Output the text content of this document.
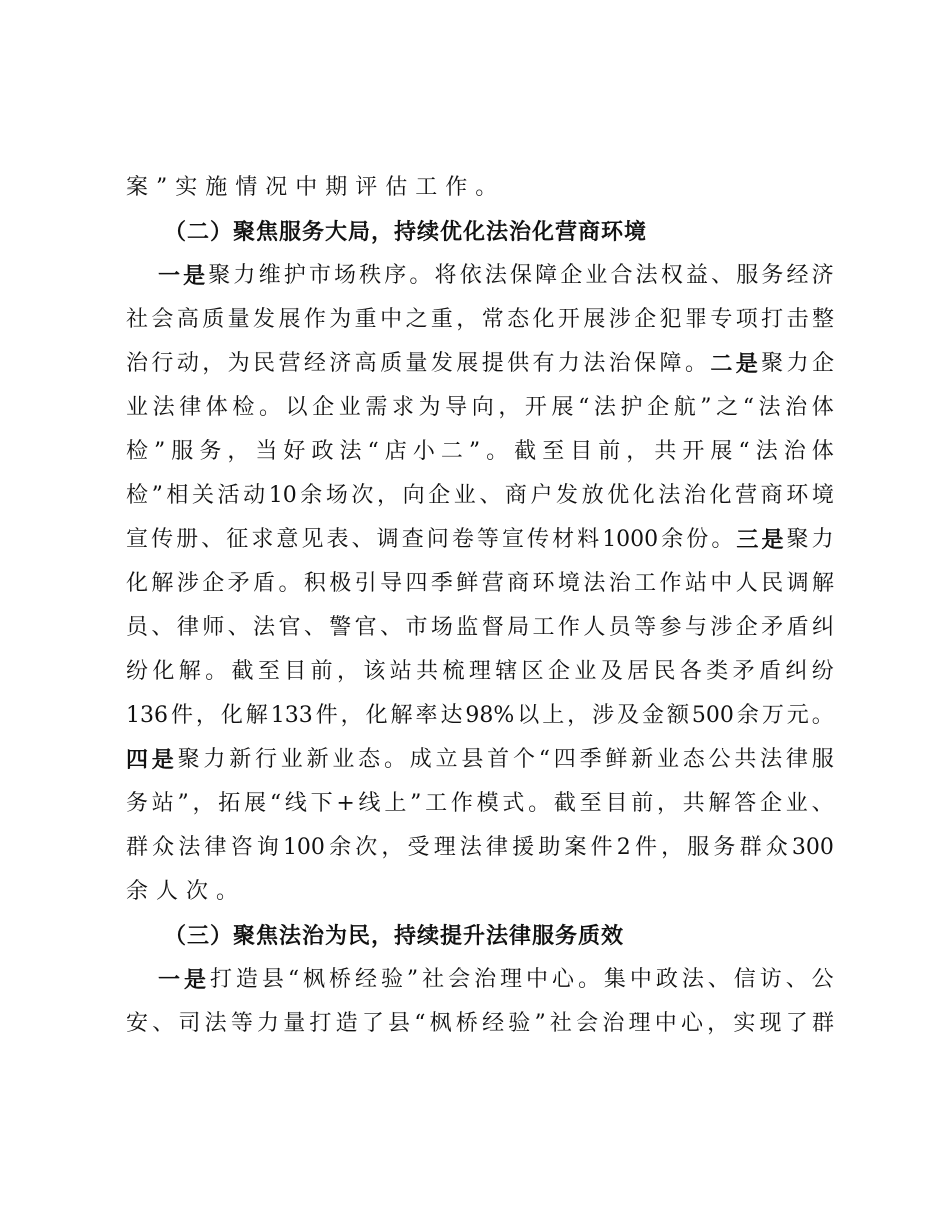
案”实施情况中期评估工作。
（二）聚焦服务大局，持续优化法治化营商环境
一 是 聚 力 维 护 市 场 秩 序 。 将 依 法 保 障 企 业 合 法 权 益 、 服 务 经 济
社 会 高 质 量 发 展 作 为 重 中 之 重 ， 常 态 化 开 展 涉 企 犯 罪 专 项 打 击 整
治 行 动 ， 为 民 营 经 济 高 质 量 发 展 提 供 有 力 法 治 保 障 。 二 是 聚 力 企
业 法 律 体 检 。 以 企 业 需 求 为 导 向 ， 开 展 “ 法 护 企 航 ” 之 “ 法 治 体
检 ” 服 务 ， 当 好 政 法 “ 店 小 二 ” 。 截 至 目 前 ， 共 开 展 “ 法 治 体
检 ” 相 关 活 动 10 余 场 次 ， 向 企 业 、 商 户 发 放 优 化 法 治 化 营 商 环 境
宣 传 册 、 征 求 意 见 表 、 调 查 问 卷 等 宣 传 材 料 1000 余 份 。 三 是 聚 力
化 解 涉 企 矛 盾 。 积 极 引 导 四 季 鲜 营 商 环 境 法 治 工 作 站 中 人 民 调 解
员 、 律 师 、 法 官 、 警 官 、 市 场 监 督 局 工 作 人 员 等 参 与 涉 企 矛 盾 纠
纷 化 解 。 截 至 目 前 ， 该 站 共 梳 理 辖 区 企 业 及 居 民 各 类 矛 盾 纠 纷
136 件 ， 化 解 133 件 ， 化 解 率 达 98% 以 上 ， 涉 及 金 额 500 余 万 元 。
四 是 聚 力 新 行 业 新 业 态 。 成 立 县 首 个 “ 四 季 鲜 新 业 态 公 共 法 律 服
务 站 ” ， 拓 展 “ 线 下 + 线 上 ” 工 作 模 式 。 截 至 目 前 ， 共 解 答 企 业 、
群 众 法 律 咨 询 100 余 次 ， 受 理 法 律 援 助 案 件 2 件 ， 服 务 群 众 300
余人次。
（三）聚焦法治为民，持续提升法律服务质效
一 是 打 造 县 “ 枫 桥 经 验 ” 社 会 治 理 中 心 。 集 中 政 法 、 信 访 、 公
安 、 司 法 等 力 量 打 造 了 县 “ 枫 桥 经 验 ” 社 会 治 理 中 心 ， 实 现 了 群
